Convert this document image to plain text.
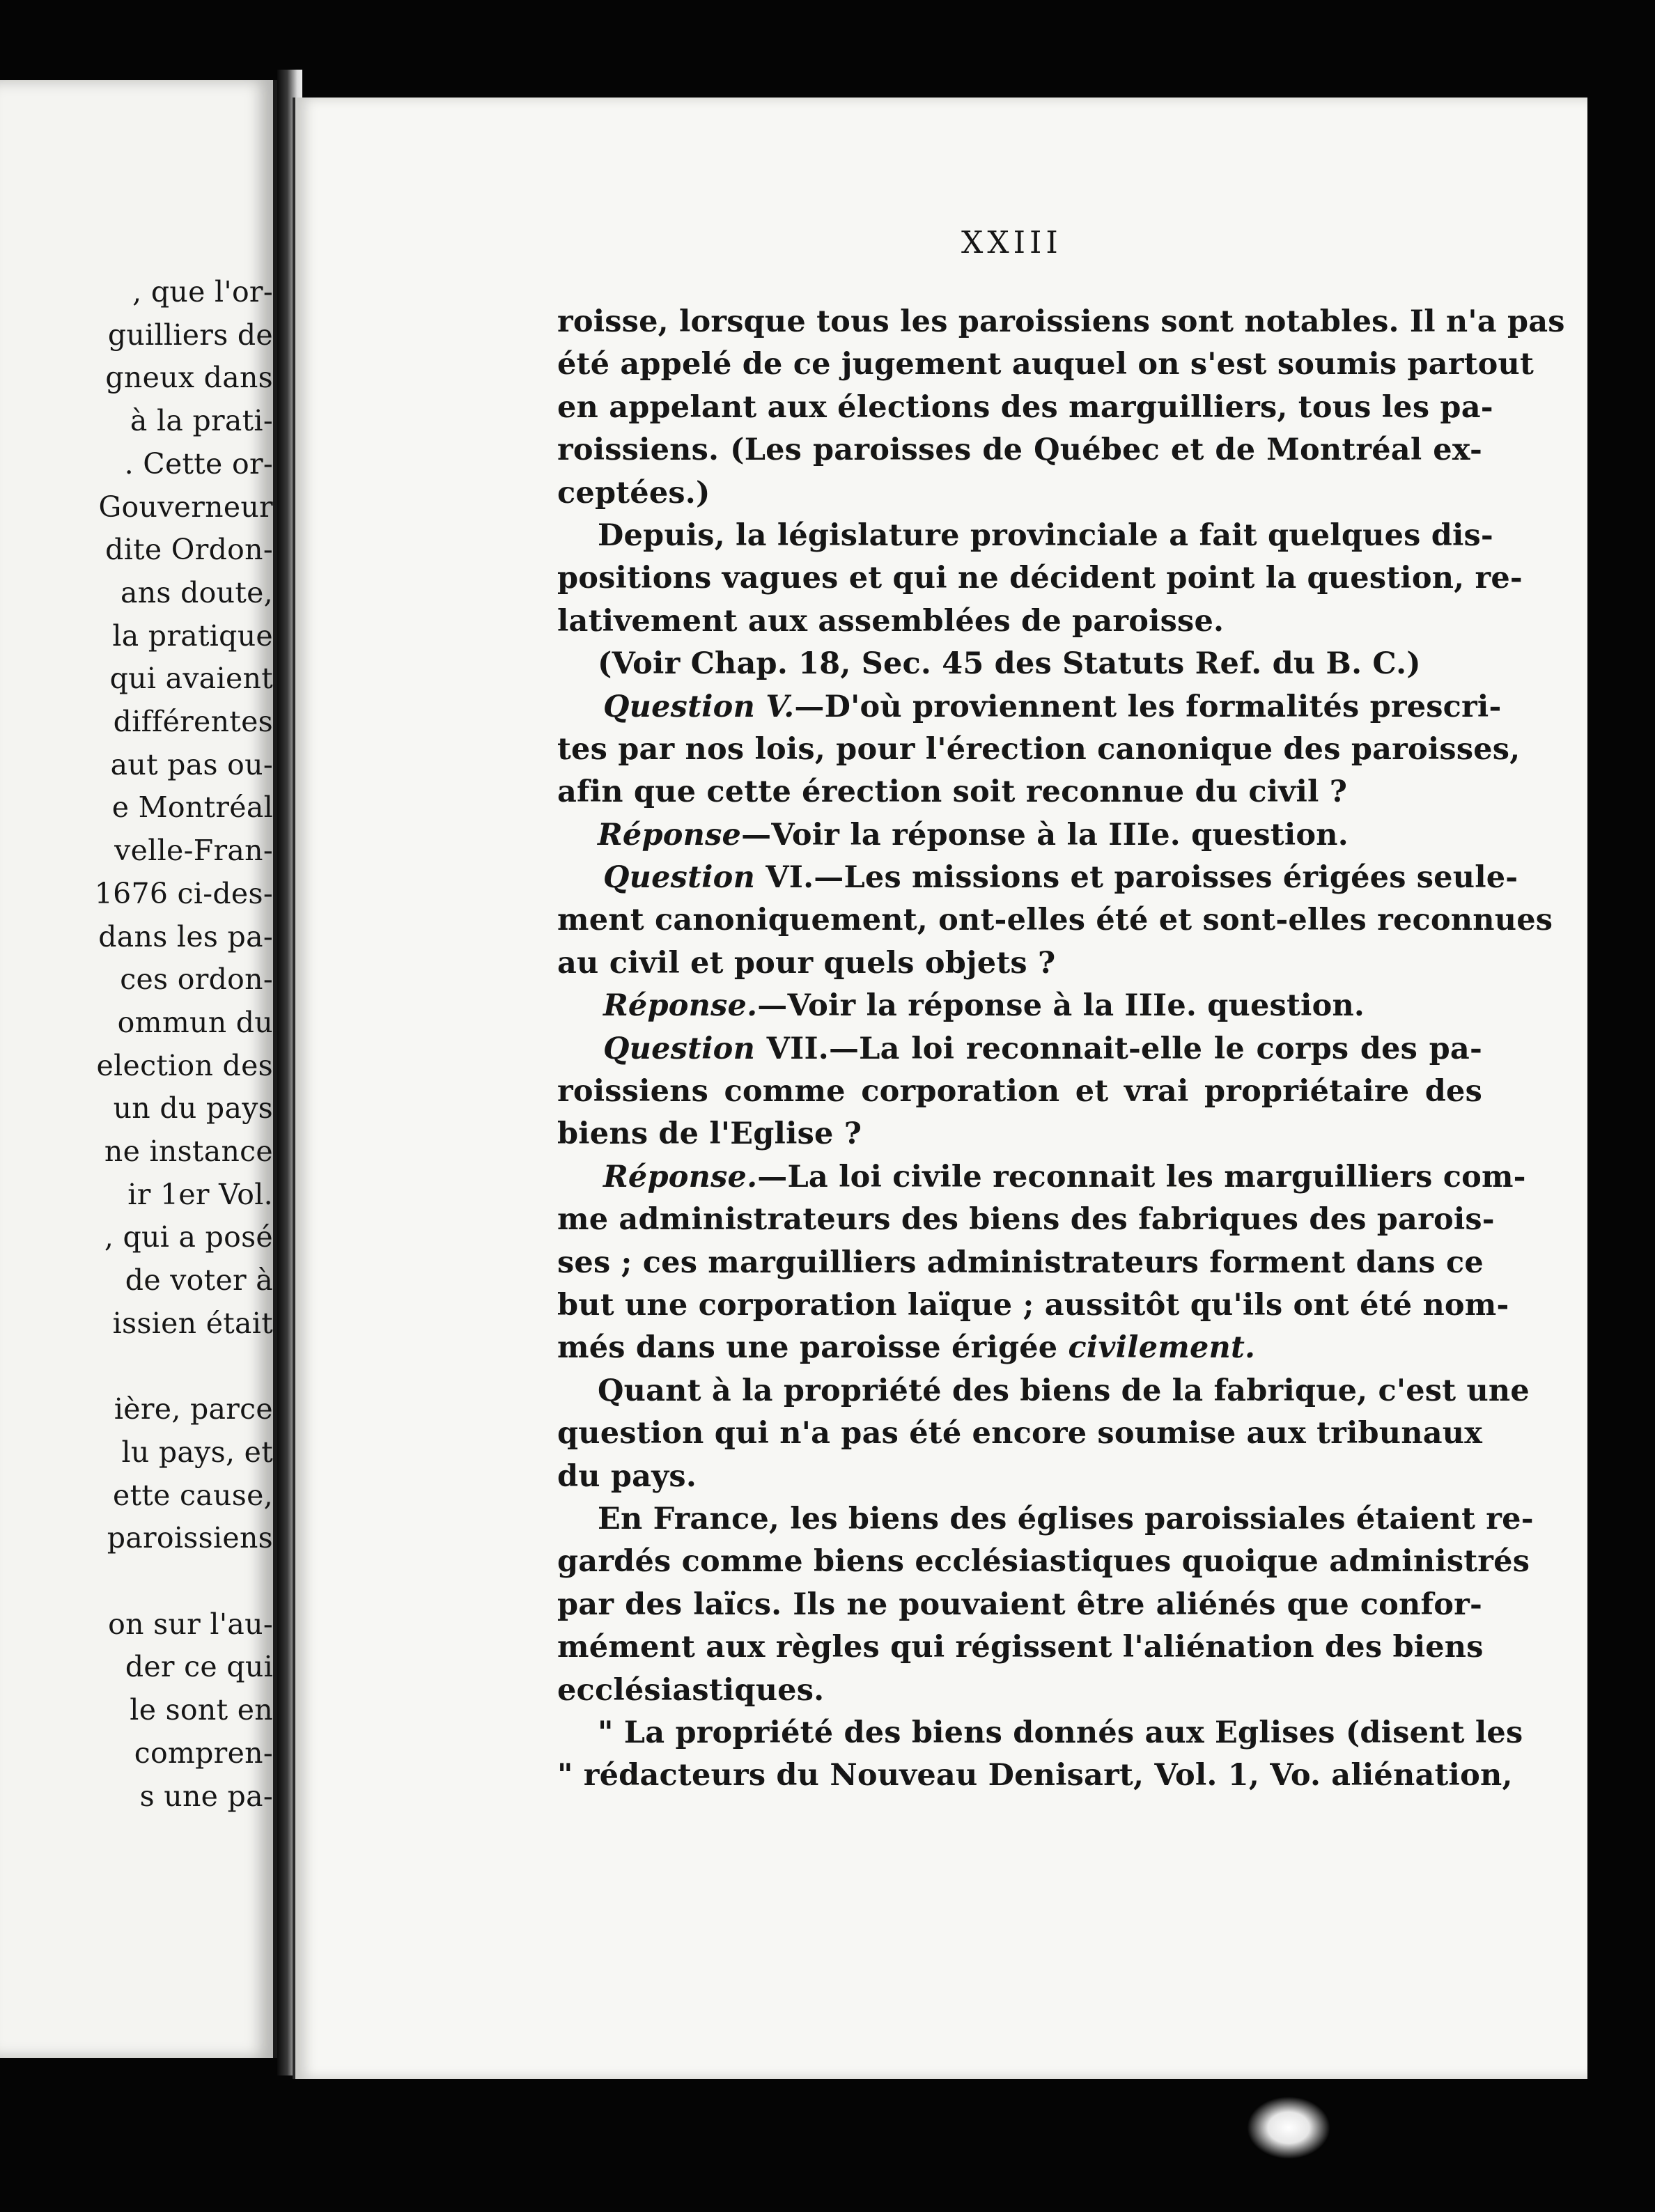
, que l'or-
guilliers de
gneux dans
à la prati-
. Cette or-
Gouverneur
dite Ordon-
ans doute,
la pratique
qui avaient
différentes
aut pas ou-
e Montréal
velle-Fran-
1676 ci-des-
dans les pa-
ces ordon-
ommun du
election des
un du pays
ne instance
ir 1er Vol.
, qui a posé
de voter à
issien était
ière, parce
lu pays, et
ette cause,
paroissiens
on sur l'au-
der ce qui
le sont en
compren-
s une pa-
XXIII
roisse, lorsque tous les paroissiens sont notables. Il n'a pas
été appelé de ce jugement auquel on s'est soumis partout
en appelant aux élections des marguilliers, tous les pa-
roissiens. (Les paroisses de Québec et de Montréal ex-
ceptées.)
Depuis, la législature provinciale a fait quelques dis-
positions vagues et qui ne décident point la question, re-
lativement aux assemblées de paroisse.
(Voir Chap. 18, Sec. 45 des Statuts Ref. du B. C.)
Question V.—D'où proviennent les formalités prescri-
tes par nos lois, pour l'érection canonique des paroisses,
afin que cette érection soit reconnue du civil ?
Réponse—Voir la réponse à la IIIe. question.
Question VI.—Les missions et paroisses érigées seule-
ment canoniquement, ont-elles été et sont-elles reconnues
au civil et pour quels objets ?
Réponse.—Voir la réponse à la IIIe. question.
Question VII.—La loi reconnait-elle le corps des pa-
roissiens comme corporation et vrai propriétaire des
biens de l'Eglise ?
Réponse.—La loi civile reconnait les marguilliers com-
me administrateurs des biens des fabriques des parois-
ses ; ces marguilliers administrateurs forment dans ce
but une corporation laïque ; aussitôt qu'ils ont été nom-
més dans une paroisse érigée civilement.
Quant à la propriété des biens de la fabrique, c'est une
question qui n'a pas été encore soumise aux tribunaux
du pays.
En France, les biens des églises paroissiales étaient re-
gardés comme biens ecclésiastiques quoique administrés
par des laïcs. Ils ne pouvaient être aliénés que confor-
mément aux règles qui régissent l'aliénation des biens
ecclésiastiques.
" La propriété des biens donnés aux Eglises (disent les
" rédacteurs du Nouveau Denisart, Vol. 1, Vo. aliénation,
